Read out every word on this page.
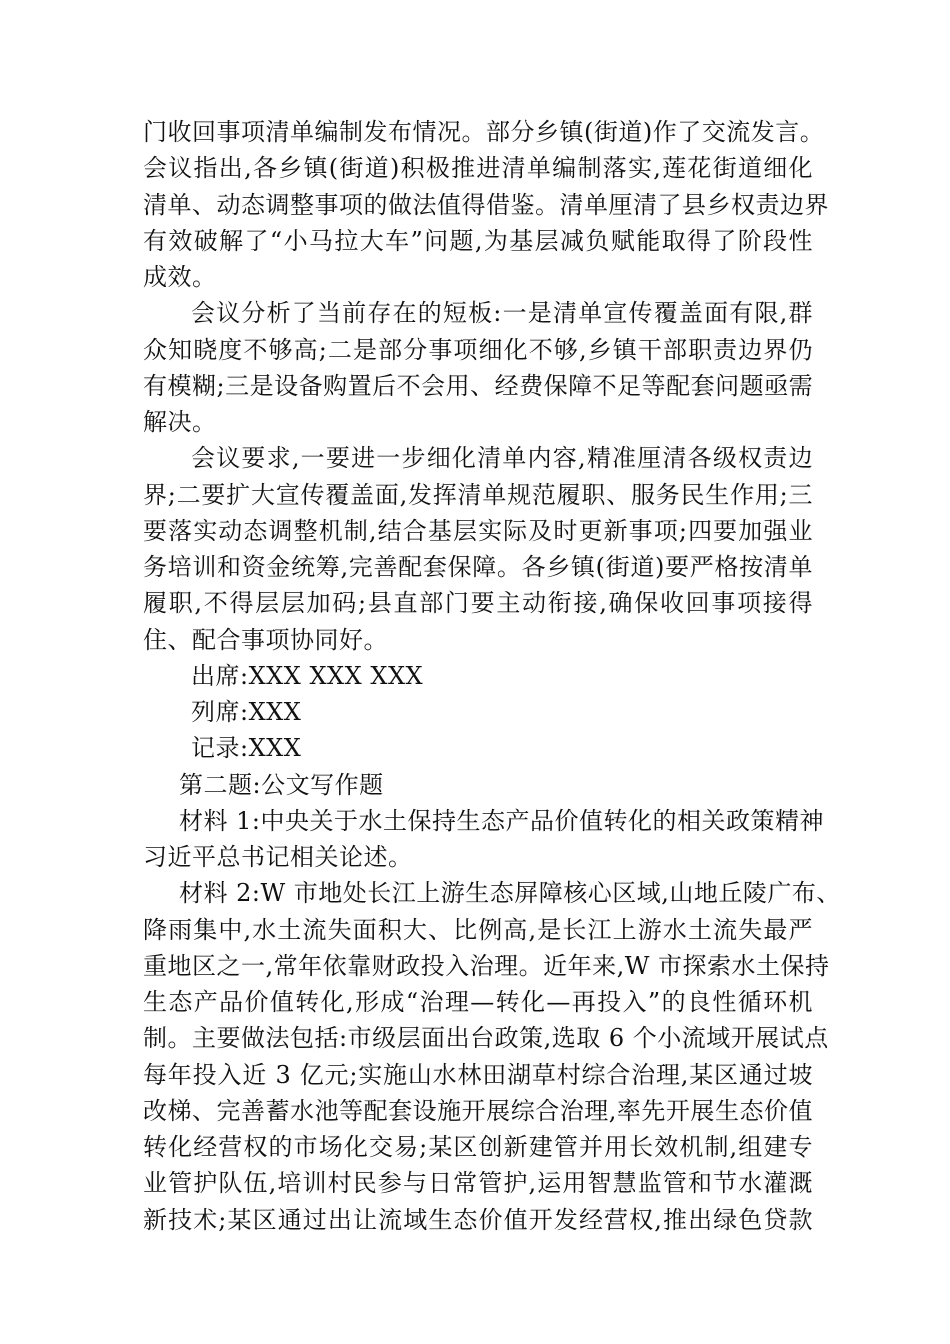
门收回事项清单编制发布情况。部分乡镇(街道)作了交流发言。
会议指出,各乡镇(街道)积极推进清单编制落实,莲花街道细化
清单、动态调整事项的做法值得借鉴。清单厘清了县乡权责边界
有效破解了“小马拉大车”问题,为基层减负赋能取得了阶段性
成效。
会议分析了当前存在的短板:一是清单宣传覆盖面有限,群
众知晓度不够高;二是部分事项细化不够,乡镇干部职责边界仍
有模糊;三是设备购置后不会用、经费保障不足等配套问题亟需
解决。
会议要求,一要进一步细化清单内容,精准厘清各级权责边
界;二要扩大宣传覆盖面,发挥清单规范履职、服务民生作用;三
要落实动态调整机制,结合基层实际及时更新事项;四要加强业
务培训和资金统筹,完善配套保障。各乡镇(街道)要严格按清单
履职,不得层层加码;县直部门要主动衔接,确保收回事项接得
住、配合事项协同好。
出席:XXX XXX XXX
列席:XXX
记录:XXX
第二题:公文写作题
材料 1:中央关于水土保持生态产品价值转化的相关政策精神
习近平总书记相关论述。
材料 2:W 市地处长江上游生态屏障核心区域,山地丘陵广布、
降雨集中,水土流失面积大、比例高,是长江上游水土流失最严
重地区之一,常年依靠财政投入治理。近年来,W 市探索水土保持
生态产品价值转化,形成“治理—转化—再投入”的良性循环机
制。主要做法包括:市级层面出台政策,选取 6 个小流域开展试点
每年投入近 3 亿元;实施山水林田湖草村综合治理,某区通过坡
改梯、完善蓄水池等配套设施开展综合治理,率先开展生态价值
转化经营权的市场化交易;某区创新建管并用长效机制,组建专
业管护队伍,培训村民参与日常管护,运用智慧监管和节水灌溉
新技术;某区通过出让流域生态价值开发经营权,推出绿色贷款
